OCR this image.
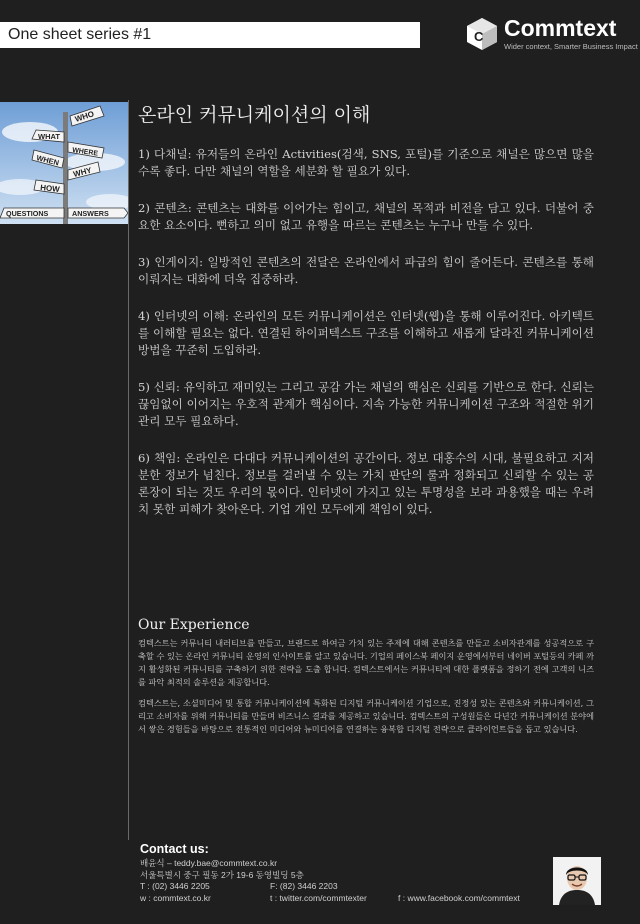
One sheet series #1	C Commtext
Wider context, Smarter Business Impact
WHO
WHAT
WHERE
WHEN
WHY
HOW
QUESTIONS	ANSWERS
온라인 커뮤니케이션의 이해

1) 다채널: 유저들의 온라인 Activities(검색, SNS, 포털)를 기준으로 채널은 많으면 많을 수록 좋다. 다만 채널의 역할을 세분화 할 필요가 있다.

2) 콘텐츠: 콘텐츠는 대화를 이어가는 힘이고, 채널의 목적과 비전을 담고 있다. 더불어 중요한 요소이다. 뻔하고 의미 없고 유행을 따르는 콘텐츠는 누구나 만들 수 있다.

3) 인게이지: 일방적인 콘텐츠의 전달은 온라인에서 파급의 힘이 줄어든다. 콘텐츠를 통해 이뤄지는 대화에 더욱 집중하라.

4) 인터넷의 이해: 온라인의 모든 커뮤니케이션은 인터넷(웹)을 통해 이루어진다. 아키텍트를 이해할 필요는 없다. 연결된 하이퍼텍스트 구조를 이해하고 새롭게 달라진 커뮤니케이션 방법을 꾸준히 도입하라.

5) 신뢰: 유익하고 재미있는 그리고 공감 가는 채널의 핵심은 신뢰를 기반으로 한다. 신뢰는 끊임없이 이어지는 우호적 관계가 핵심이다. 지속 가능한 커뮤니케이션 구조와 적절한 위기관리 모두 필요하다.

6) 책임: 온라인은 다대다 커뮤니케이션의 공간이다. 정보 대홍수의 시대, 불필요하고 지저분한 정보가 넘친다. 정보를 걸러낼 수 있는 가치 판단의 룰과 정화되고 신뢰할 수 있는 공론장이 되는 것도 우리의 몫이다. 인터넷이 가지고 있는 투명성을 보라 과용했을 때는 우려치 못한 피해가 찾아온다. 기업 개인 모두에게 책임이 있다.

Our Experience

컴텍스트는 커뮤니티 내러티브를 만들고, 브랜드로 하여금 가치 있는 주제에 대해 콘텐츠를 만들고 소비자관계를 성공적으로 구축할 수 있는 온라인 커뮤니티 운영의 인사이트를 알고 있습니다. 기업의 페이스북 페이지 운영에서부터 네이버 포털등의 카페 까지 활성화된 커뮤니티를 구축하기 위한 전략을 도출 합니다. 컴텍스트에서는 커뮤니티에 대한 플랫폼을 정하기 전에 고객의 니즈를 파악 최적의 솔루션을 제공합니다.

컴텍스트는, 소셜미디어 및 통합 커뮤니케이션에 특화된 디지털 커뮤니케이션 기업으로, 진정성 있는 콘텐츠와 커뮤니케이션, 그리고 소비자를 위해 커뮤니티를 만들며 비즈니스 결과를 제공하고 있습니다. 컴텍스트의 구성원들은 다년간 커뮤니케이션 분야에서 쌓은 경험들을 바탕으로 전통적인 미디어와 뉴미디어를 연결하는 융복합 디지털 전략으로 클라이언트들을 돕고 있습니다.

Contact us:
배윤식 – teddy.bae@commtext.co.kr
서울특별시 중구 필동 2가 19-6 동영빌딩 5층
T : (02) 3446 2205	F: (82) 3446 2203
w : commtext.co.kr	t : twitter.com/commtexter	f : www.facebook.com/commtext
